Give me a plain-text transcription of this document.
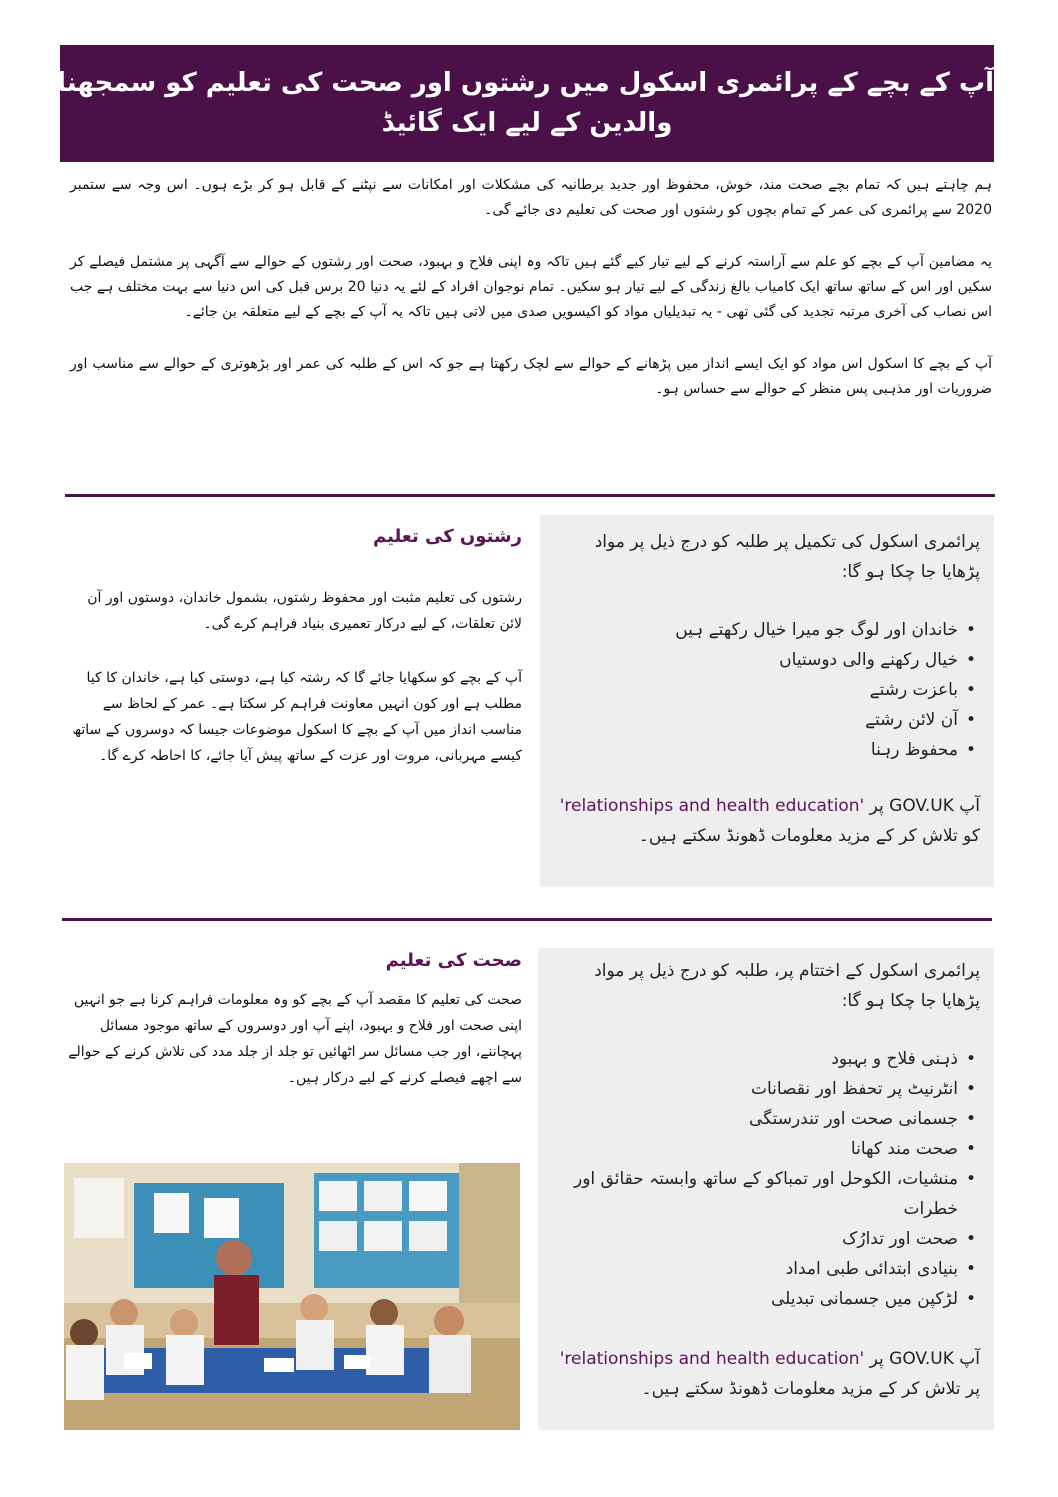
آپ کے بچے کے پرائمری اسکول میں رشتوں اور صحت کی تعلیم کو سمجھنا:
والدین کے لیے ایک گائیڈ

ہم چاہتے ہیں کہ تمام بچے صحت مند، خوش، محفوظ اور جدید برطانیہ کی مشکلات اور امکانات سے نپٹنے کے قابل ہو کر بڑے ہوں۔ اس وجہ سے ستمبر 2020 سے پرائمری کی عمر کے تمام بچوں کو رشتوں اور صحت کی تعلیم دی جائے گی۔

یہ مضامین آپ کے بچے کو علم سے آراستہ کرنے کے لیے تیار کیے گئے ہیں تاکہ وہ اپنی فلاح و بہبود، صحت اور رشتوں کے حوالے سے آگہی پر مشتمل فیصلے کر سکیں اور اس کے ساتھ ساتھ ایک کامیاب بالغ زندگی کے لیے تیار ہو سکیں۔ تمام نوجوان افراد کے لئے یہ دنیا 20 برس قبل کی اس دنیا سے بہت مختلف ہے جب اس نصاب کی آخری مرتبہ تجدید کی گئی تھی - یہ تبدیلیاں مواد کو اکیسویں صدی میں لاتی ہیں تاکہ یہ آپ کے بچے کے لیے متعلقہ بن جائے۔

آپ کے بچے کا اسکول اس مواد کو ایک ایسے انداز میں پڑھانے کے حوالے سے لچک رکھتا ہے جو کہ اس کے طلبہ کی عمر اور بڑھوتری کے حوالے سے مناسب اور ضروریات اور مذہبی پس منظر کے حوالے سے حساس ہو۔

رشتوں کی تعلیم

رشتوں کی تعلیم مثبت اور محفوظ رشتوں، بشمول خاندان، دوستوں اور آن لائن تعلقات، کے لیے درکار تعمیری بنیاد فراہم کرے گی۔

آپ کے بچے کو سکھایا جائے گا کہ رشتہ کیا ہے، دوستی کیا ہے، خاندان کا کیا مطلب ہے اور کون انہیں معاونت فراہم کر سکتا ہے۔ عمر کے لحاظ سے مناسب انداز میں آپ کے بچے کا اسکول موضوعات جیسا کہ دوسروں کے ساتھ کیسے مہربانی، مروت اور عزت کے ساتھ پیش آیا جائے، کا احاطہ کرے گا۔

پرائمری اسکول کی تکمیل پر طلبہ کو درج ذیل پر مواد پڑھایا جا چکا ہو گا:
• خاندان اور لوگ جو میرا خیال رکھتے ہیں
• خیال رکھنے والی دوستیاں
• باعزت رشتے
• آن لائن رشتے
• محفوظ رہنا
آپ GOV.UK پر 'relationships and health education' کو تلاش کر کے مزید معلومات ڈھونڈ سکتے ہیں۔
صحت کی تعلیم

صحت کی تعلیم کا مقصد آپ کے بچے کو وہ معلومات فراہم کرنا ہے جو انہیں اپنی صحت اور فلاح و بہبود، اپنے آپ اور دوسروں کے ساتھ موجود مسائل پہچاننے، اور جب مسائل سر اٹھائیں تو جلد از جلد مدد کی تلاش کرنے کے حوالے سے اچھے فیصلے کرنے کے لیے درکار ہیں۔

پرائمری اسکول کے اختتام پر، طلبہ کو درج ذیل پر مواد پڑھایا جا چکا ہو گا:
• ذہنی فلاح و بہبود
• انٹرنیٹ پر تحفظ اور نقصانات
• جسمانی صحت اور تندرستگی
• صحت مند کھانا
• منشیات، الکوحل اور تمباکو کے ساتھ وابستہ حقائق اور خطرات
• صحت اور تدارُک
• بنیادی ابتدائی طبی امداد
• لڑکپن میں جسمانی تبدیلی
آپ GOV.UK پر 'relationships and health education' پر تلاش کر کے مزید معلومات ڈھونڈ سکتے ہیں۔
